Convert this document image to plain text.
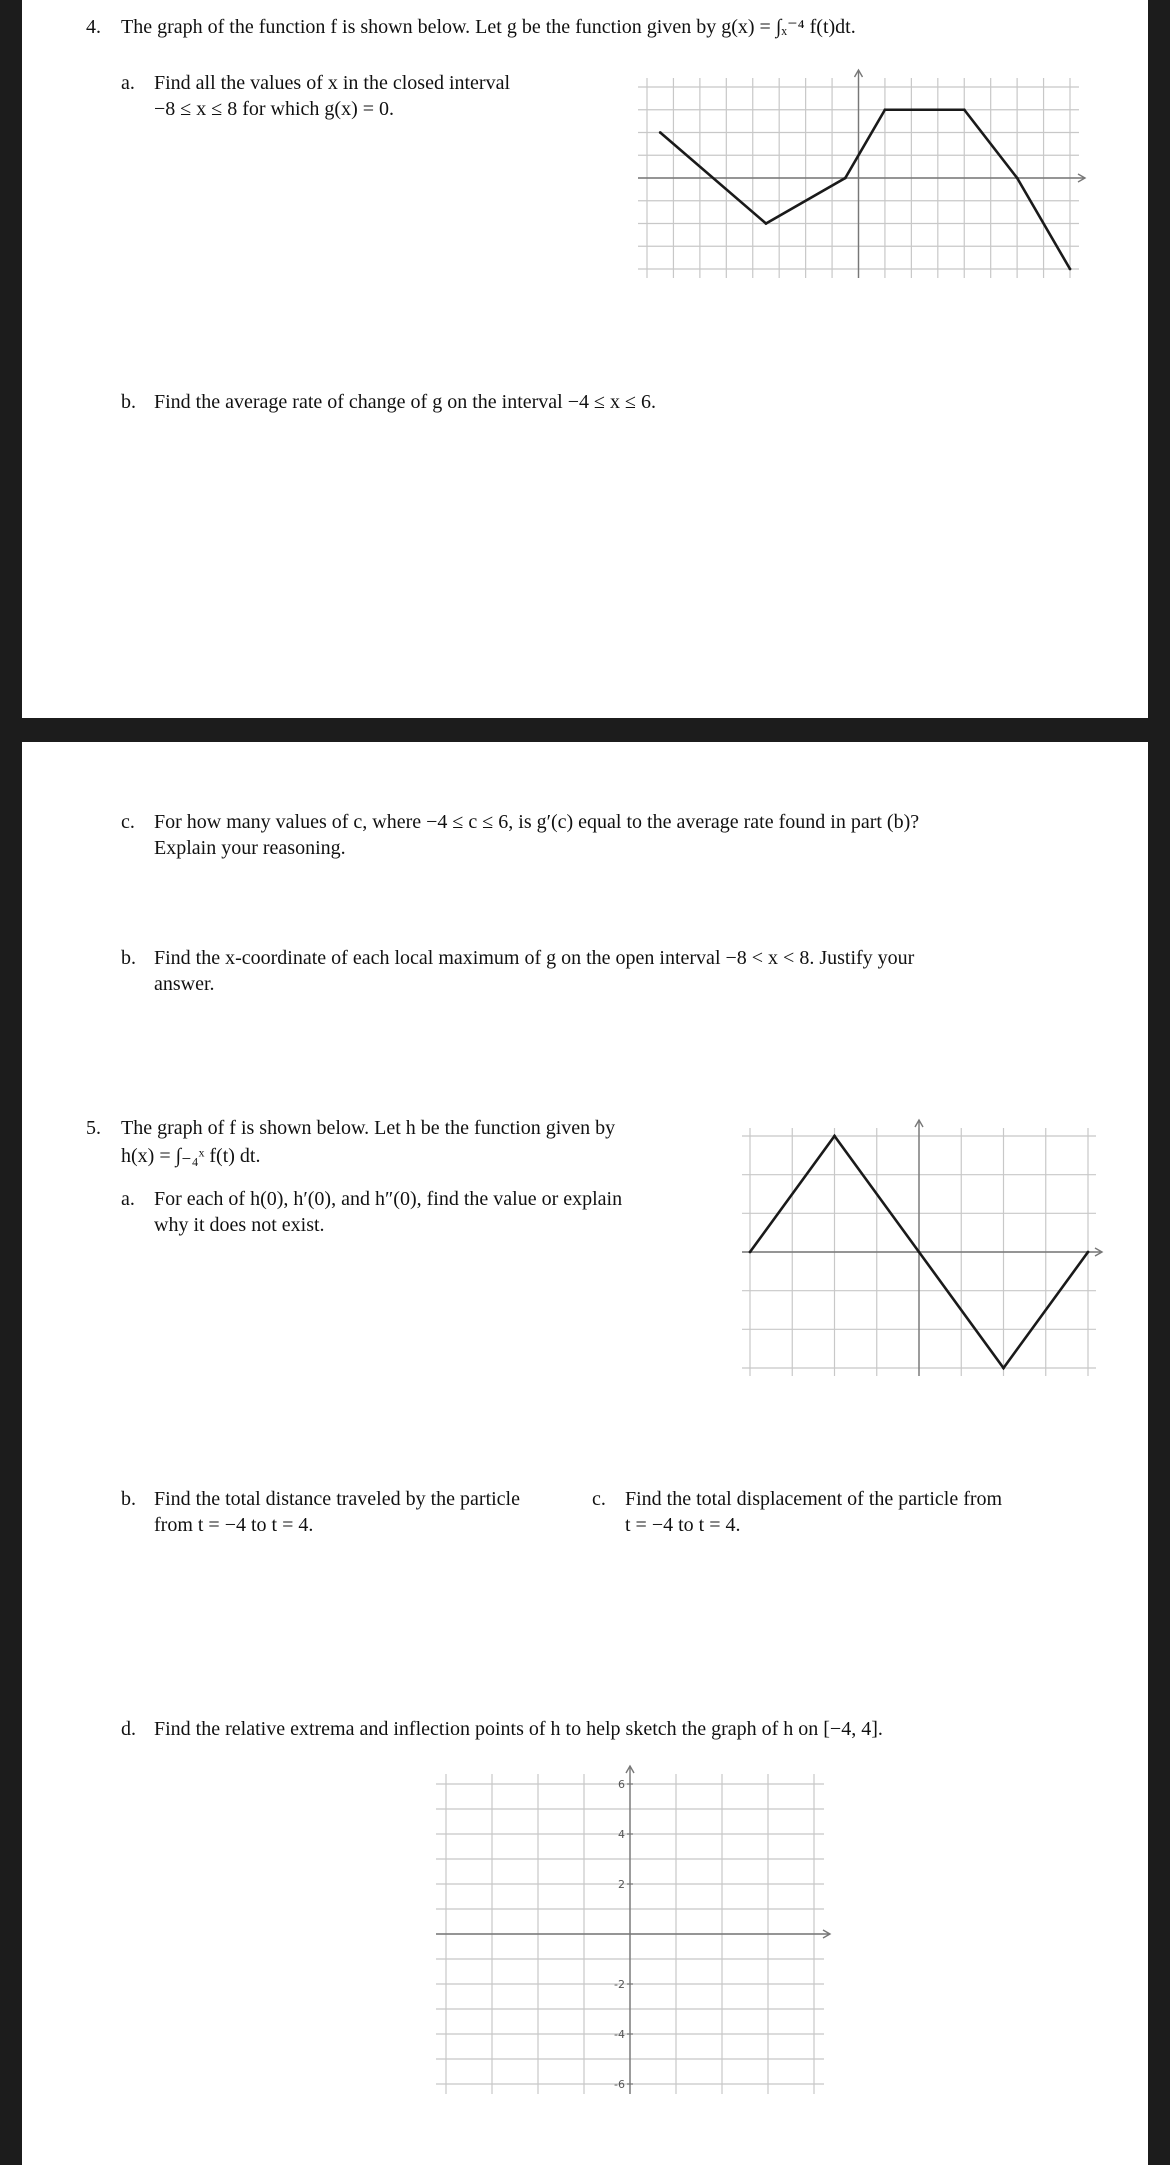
4. The graph of the function f is shown below. Let g be the function given by g(x) = ∫ₓ⁻⁴ f(t)dt.
a. Find all the values of x in the closed interval
−8 ≤ x ≤ 8 for which g(x) = 0.
b. Find the average rate of change of g on the interval −4 ≤ x ≤ 6.
c. For how many values of c, where −4 ≤ c ≤ 6, is g′(c) equal to the average rate found in part (b)?
Explain your reasoning.
b. Find the x-coordinate of each local maximum of g on the open interval −8 < x < 8. Justify your
answer.
5. The graph of f is shown below. Let h be the function given by
h(x) = ∫₋₄ˣ f(t) dt.
a. For each of h(0), h′(0), and h″(0), find the value or explain
why it does not exist.
b. Find the total distance traveled by the particle
from t = −4 to t = 4.
c. Find the total displacement of the particle from
t = −4 to t = 4.
d. Find the relative extrema and inflection points of h to help sketch the graph of h on [−4, 4].
6
4
2
-2
-4
-6
